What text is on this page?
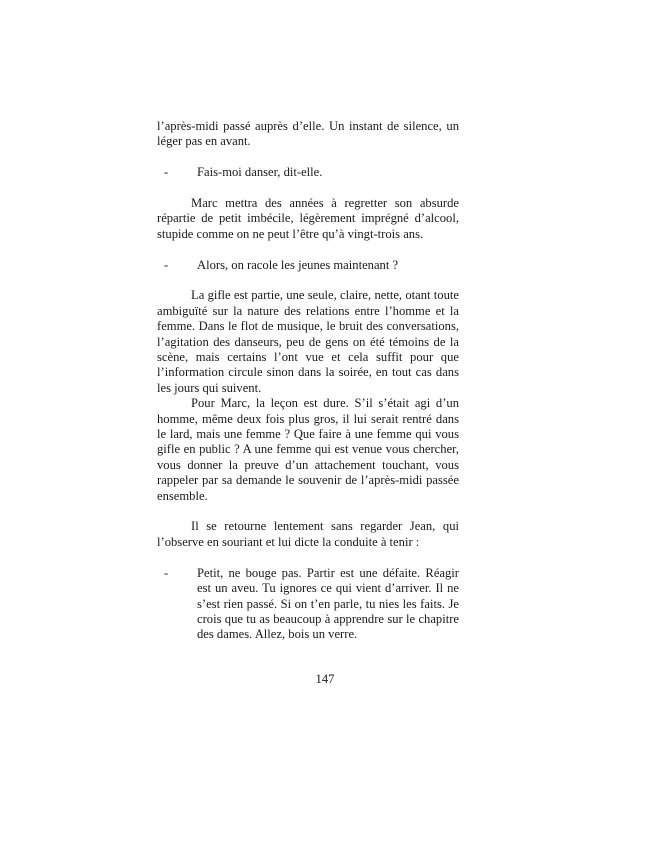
l’après-midi passé auprès d’elle. Un instant de silence, un léger pas en avant.

- Fais-moi danser, dit-elle.

Marc mettra des années à regretter son absurde répartie de petit imbécile, légèrement imprégné d’alcool, stupide comme on ne peut l’être qu’à vingt-trois ans.

- Alors, on racole les jeunes maintenant ?

La gifle est partie, une seule, claire, nette, otant toute ambiguïté sur la nature des relations entre l’homme et la femme. Dans le flot de musique, le bruit des conversations, l’agitation des danseurs, peu de gens on été témoins de la scène, mais certains l’ont vue et cela suffit pour que l’information circule sinon dans la soirée, en tout cas dans les jours qui suivent.

Pour Marc, la leçon est dure. S’il s’était agi d’un homme, même deux fois plus gros, il lui serait rentré dans le lard, mais une femme ? Que faire à une femme qui vous gifle en public ? A une femme qui est venue vous chercher, vous donner la preuve d’un attachement touchant, vous rappeler par sa demande le souvenir de l’après-midi passée ensemble.

Il se retourne lentement sans regarder Jean, qui l’observe en souriant et lui dicte la conduite à tenir :

- Petit, ne bouge pas. Partir est une défaite. Réagir est un aveu. Tu ignores ce qui vient d’arriver. Il ne s’est rien passé. Si on t’en parle, tu nies les faits. Je crois que tu as beaucoup à apprendre sur le chapitre des dames. Allez, bois un verre.

147
